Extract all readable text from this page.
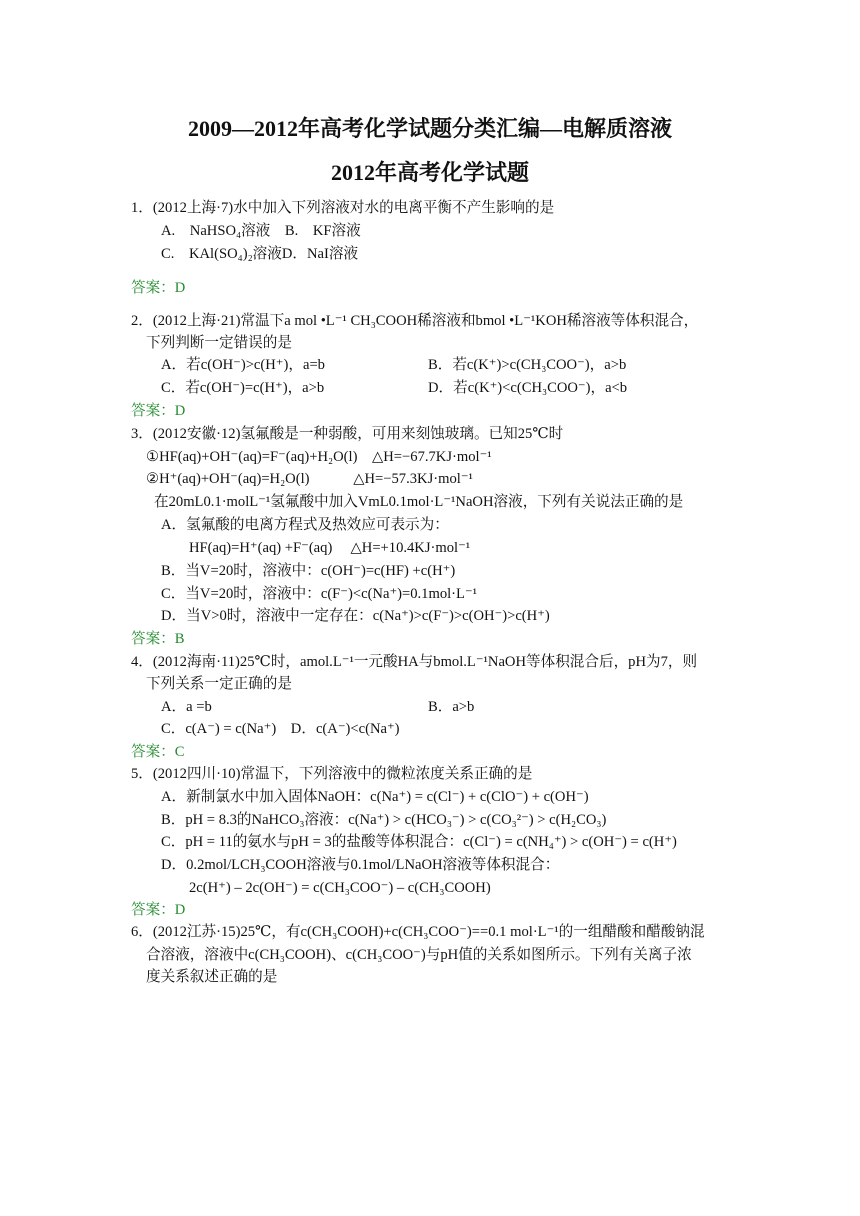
2009—2012年高考化学试题分类汇编—电解质溶液
2012年高考化学试题
1．(2012上海·7)水中加入下列溶液对水的电离平衡不产生影响的是
A.　NaHSO₄溶液　B.　KF溶液
C.　KAl(SO₄)₂溶液D．NaI溶液
答案：D
2．(2012上海·21)常温下a mol •L⁻¹ CH₃COOH稀溶液和bmol •L⁻¹KOH稀溶液等体积混合，
下列判断一定错误的是
A．若c(OH⁻)>c(H⁺)，a=b	B．若c(K⁺)>c(CH₃COO⁻)，a>b
C．若c(OH⁻)=c(H⁺)，a>b	D．若c(K⁺)<c(CH₃COO⁻)，a<b
答案：D
3．(2012安徽·12)氢氟酸是一种弱酸，可用来刻蚀玻璃。已知25℃时
①HF(aq)+OH⁻(aq)=F⁻(aq)+H₂O(l)　△H=−67.7KJ·mol⁻¹
②H⁺(aq)+OH⁻(aq)=H₂O(l)　　　△H=−57.3KJ·mol⁻¹
在20mL0.1·molL⁻¹氢氟酸中加入VmL0.1mol·L⁻¹NaOH溶液，下列有关说法正确的是
A．氢氟酸的电离方程式及热效应可表示为：
HF(aq)=H⁺(aq) +F⁻(aq)　 △H=+10.4KJ·mol⁻¹
B．当V=20时，溶液中：c(OH⁻)=c(HF) +c(H⁺)
C．当V=20时，溶液中：c(F⁻)<c(Na⁺)=0.1mol·L⁻¹
D．当V>0时，溶液中一定存在：c(Na⁺)>c(F⁻)>c(OH⁻)>c(H⁺)
答案：B
4．(2012海南·11)25℃时，amol.L⁻¹一元酸HA与bmol.L⁻¹NaOH等体积混合后，pH为7，则
下列关系一定正确的是
A．a =b	B．a>b
C．c(A⁻) = c(Na⁺)　D．c(A⁻)<c(Na⁺)
答案：C
5．(2012四川·10)常温下，下列溶液中的微粒浓度关系正确的是
A．新制氯水中加入固体NaOH：c(Na⁺) = c(Cl⁻) + c(ClO⁻) + c(OH⁻)
B．pH = 8.3的NaHCO₃溶液：c(Na⁺) > c(HCO₃⁻) > c(CO₃²⁻) > c(H₂CO₃)
C．pH = 11的氨水与pH = 3的盐酸等体积混合：c(Cl⁻) = c(NH₄⁺) > c(OH⁻) = c(H⁺)
D．0.2mol/LCH₃COOH溶液与0.1mol/LNaOH溶液等体积混合：
2c(H⁺) – 2c(OH⁻) = c(CH₃COO⁻) – c(CH₃COOH)
答案：D
6．(2012江苏·15)25℃，有c(CH₃COOH)+c(CH₃COO⁻)==0.1 mol·L⁻¹的一组醋酸和醋酸钠混
合溶液，溶液中c(CH₃COOH)、c(CH₃COO⁻)与pH值的关系如图所示。下列有关离子浓
度关系叙述正确的是
